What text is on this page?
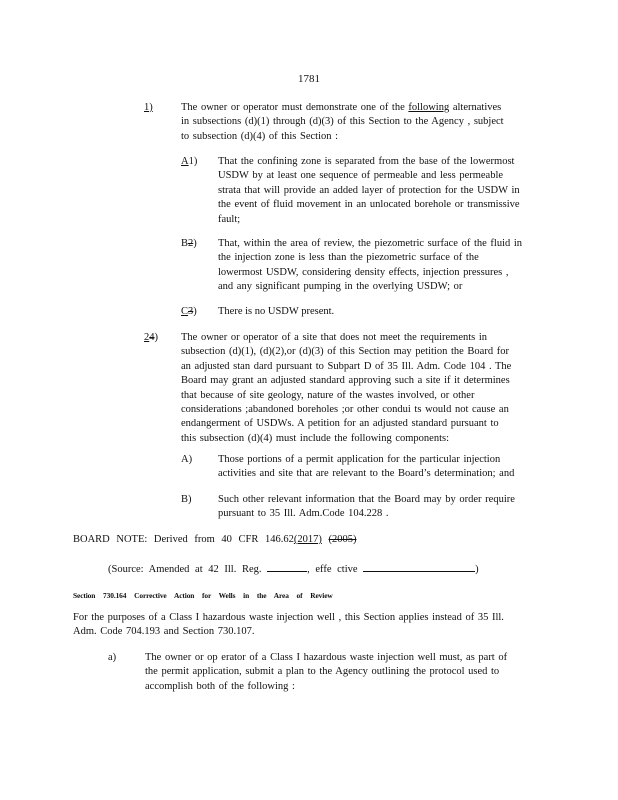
1781
1)	The owner or operator must demonstrate one of the following alternatives
in subsections (d)(1) through (d)(3) of this Section to the Agency , subject
to subsection (d)(4) of this Section :
A1) That the confining zone is separated from the base of the lowermost
USDW by at least one sequence of permeable and less permeable
strata that will provide an added layer of protection for the USDW in
the event of fluid movement in an unlocated borehole or transmissive
fault;
B2) That, within the area of review, the piezometric surface of the fluid in
the injection zone is less than the piezometric surface of the
lowermost USDW, considering density effects, injection pressures ,
and any significant pumping in the overlying USDW; or
C3) There is no USDW present.
24) The owner or operator of a site that does not meet the requirements in
subsection (d)(1), (d)(2),or (d)(3) of this Section may petition the Board for
an adjusted stan dard pursuant to Subpart D of 35 Ill. Adm. Code 104 . The
Board may grant an adjusted standard approving such a site if it determines
that because of site geology, nature of the wastes involved, or other
considerations ;abandoned boreholes ;or other condui ts would not cause an
endangerment of USDWs. A petition for an adjusted standard pursuant to
this subsection (d)(4) must include the following components:
A) Those portions of a permit application for the particular injection
activities and site that are relevant to the Board’s determination; and
B)	Such other relevant information that the Board may by order require
pursuant to 35 Ill. Adm.Code 104.228 .
BOARD NOTE: Derived from 40 CFR 146.62(2017) (2005)
(Source: Amended at 42 Ill. Reg.	, effe ctive	)
Section 730.164 Corrective Action for Wells in the Area of Review
For the purposes of a Class I hazardous waste injection well , this Section applies instead of 35 Ill.
Adm. Code 704.193 and Section 730.107.
a)	The owner or op erator of a Class I hazardous waste injection well must, as part of
the permit application, submit a plan to the Agency outlining the protocol used to
accomplish both of the following :
